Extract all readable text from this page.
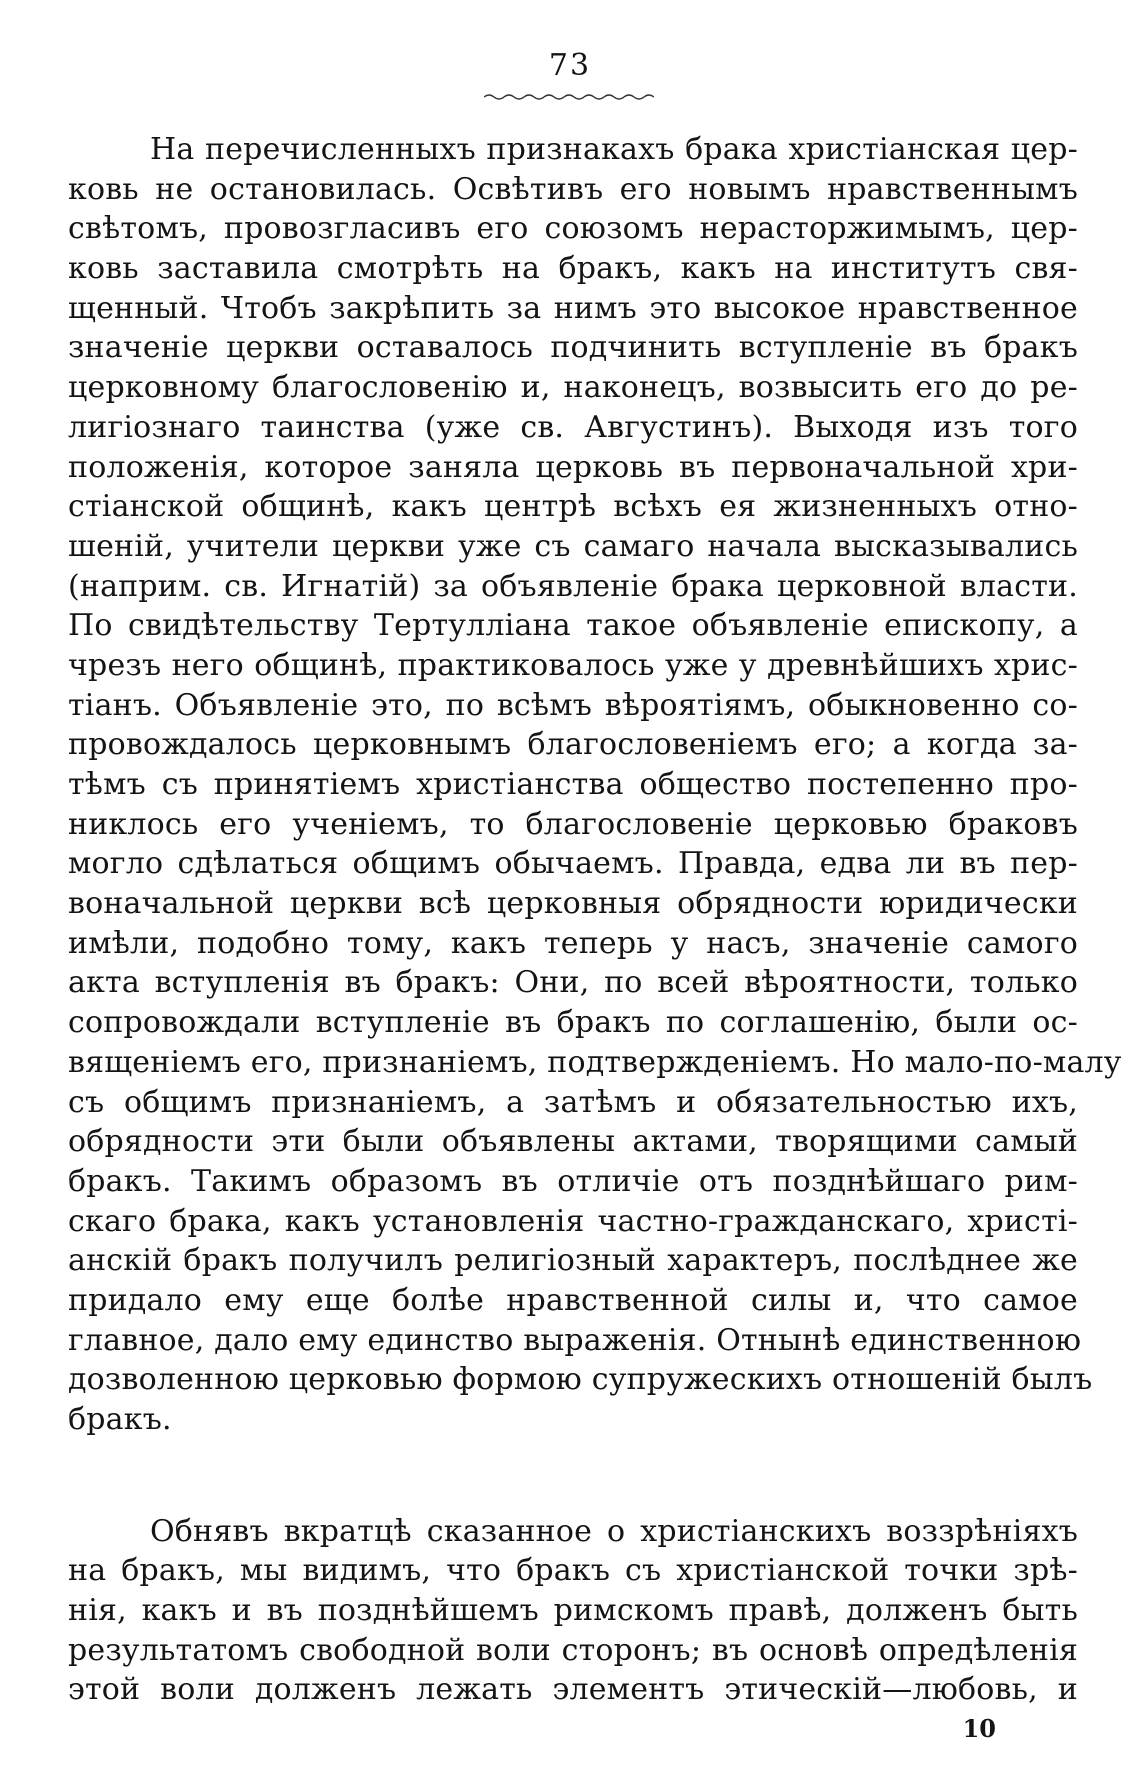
73
На перечисленныхъ признакахъ брака христіанская цер-
ковь не остановилась. Освѣтивъ его новымъ нравственнымъ
свѣтомъ, провозгласивъ его союзомъ нерасторжимымъ, цер-
ковь заставила смотрѣть на бракъ, какъ на институтъ свя-
щенный. Чтобъ закрѣпить за нимъ это высокое нравственное
значеніе церкви оставалось подчинить вступленіе въ бракъ
церковному благословенію и, наконецъ, возвысить его до ре-
лигіознаго таинства (уже св. Августинъ). Выходя изъ того
положенія, которое заняла церковь въ первоначальной хри-
стіанской общинѣ, какъ центрѣ всѣхъ ея жизненныхъ отно-
шеній, учители церкви уже съ самаго начала высказывались
(наприм. св. Игнатій) за объявленіе брака церковной власти.
По свидѣтельству Тертулліана такое объявленіе епископу, а
чрезъ него общинѣ, практиковалось уже у древнѣйшихъ хрис-
тіанъ. Объявленіе это, по всѣмъ вѣроятіямъ, обыкновенно со-
провождалось церковнымъ благословеніемъ его; а когда за-
тѣмъ съ принятіемъ христіанства общество постепенно про-
никлось его ученіемъ, то благословеніе церковью браковъ
могло сдѣлаться общимъ обычаемъ. Правда, едва ли въ пер-
воначальной церкви всѣ церковныя обрядности юридически
имѣли, подобно тому, какъ теперь у насъ, значеніе самого
акта вступленія въ бракъ: Они, по всей вѣроятности, только
сопровождали вступленіе въ бракъ по соглашенію, были ос-
вященіемъ его, признаніемъ, подтвержденіемъ. Но мало-по-малу
съ общимъ признаніемъ, а затѣмъ и обязательностью ихъ,
обрядности эти были объявлены актами, творящими самый
бракъ. Такимъ образомъ въ отличіе отъ позднѣйшаго рим-
скаго брака, какъ установленія частно-гражданскаго, христі-
анскій бракъ получилъ религіозный характеръ, послѣднее же
придало ему еще болѣе нравственной силы и, что самое
главное, дало ему единство выраженія. Отнынѣ единственною
дозволенною церковью формою супружескихъ отношеній былъ
бракъ.
Обнявъ вкратцѣ сказанное о христіанскихъ воззрѣніяхъ
на бракъ, мы видимъ, что бракъ съ христіанской точки зрѣ-
нія, какъ и въ позднѣйшемъ римскомъ правѣ, долженъ быть
результатомъ свободной воли сторонъ; въ основѣ опредѣленія
этой воли долженъ лежать элементъ этическій—любовь, и
10
